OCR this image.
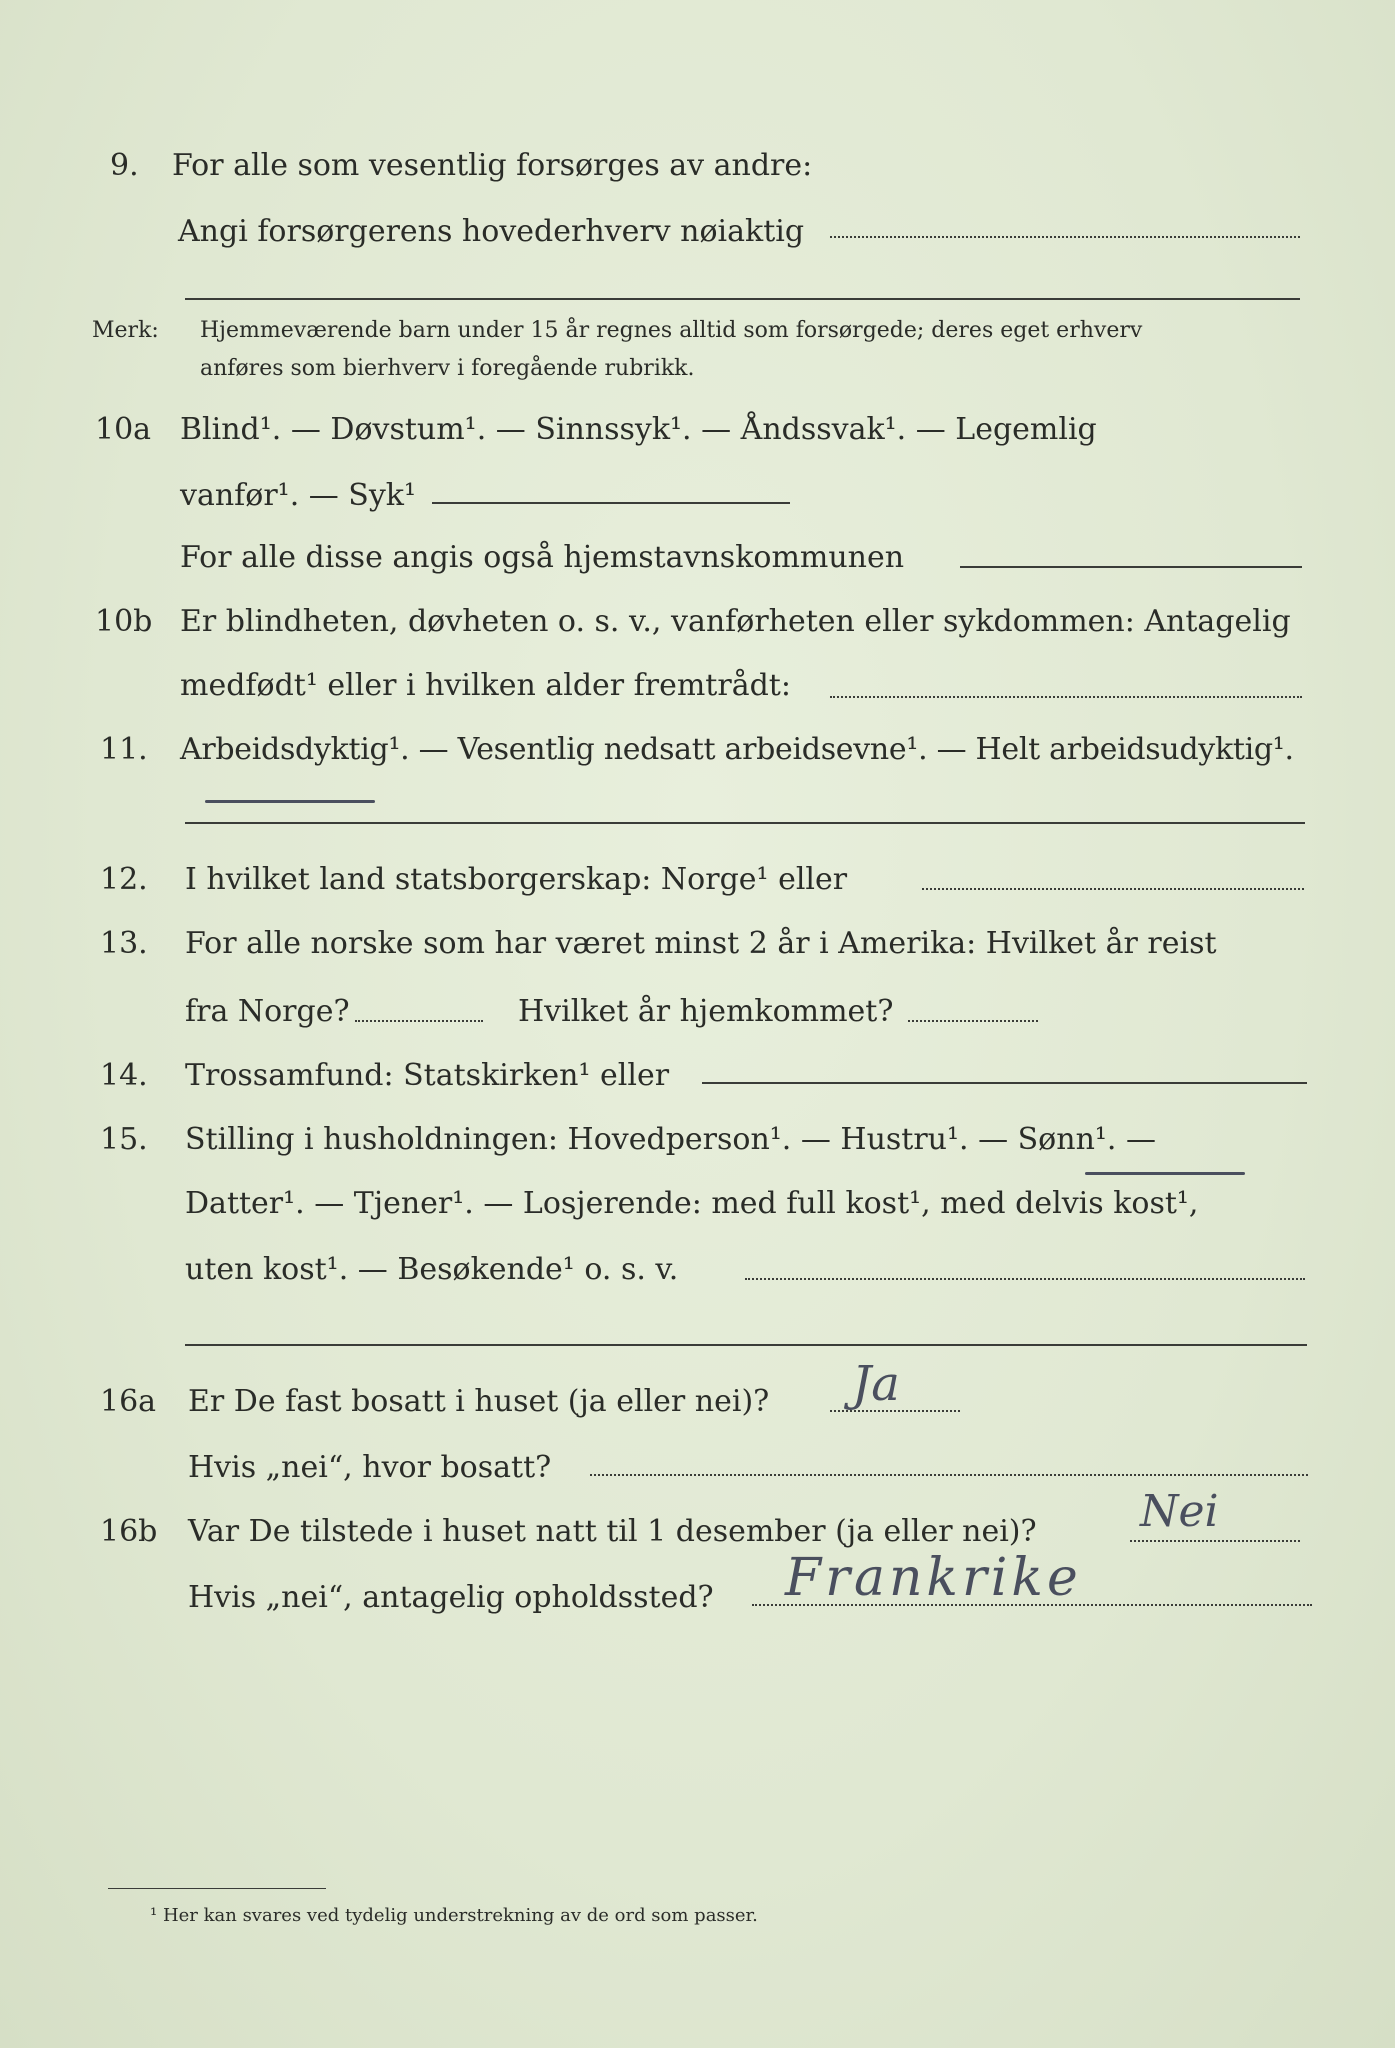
9. For alle som vesentlig forsørges av andre:
Angi forsørgerens hovederhverv nøiaktig
Merk: Hjemmeværende barn under 15 år regnes alltid som forsørgede; deres eget erhverv
anføres som bierhverv i foregående rubrikk.
10a Blind¹. — Døvstum¹. — Sinnssyk¹. — Åndssvak¹. — Legemlig
vanfør¹. — Syk¹
For alle disse angis også hjemstavnskommunen
10b Er blindheten, døvheten o. s. v., vanførheten eller sykdommen: Antagelig
medfødt¹ eller i hvilken alder fremtrådt:
11. Arbeidsdyktig¹. — Vesentlig nedsatt arbeidsevne¹. — Helt arbeidsudyktig¹.
12. I hvilket land statsborgerskap: Norge¹ eller
13. For alle norske som har været minst 2 år i Amerika: Hvilket år reist
fra Norge?	Hvilket år hjemkommet?
14. Trossamfund: Statskirken¹ eller
15. Stilling i husholdningen: Hovedperson¹. — Hustru¹. — Sønn¹. —
Datter¹. — Tjener¹. — Losjerende: med full kost¹, med delvis kost¹,
uten kost¹. — Besøkende¹ o. s. v.
16a Er De fast bosatt i huset (ja eller nei)? Ja
Hvis „nei“, hvor bosatt?
16b Var De tilstede i huset natt til 1 desember (ja eller nei)? Nei
Hvis „nei“, antagelig opholdssted? Frankrike
¹ Her kan svares ved tydelig understrekning av de ord som passer.
